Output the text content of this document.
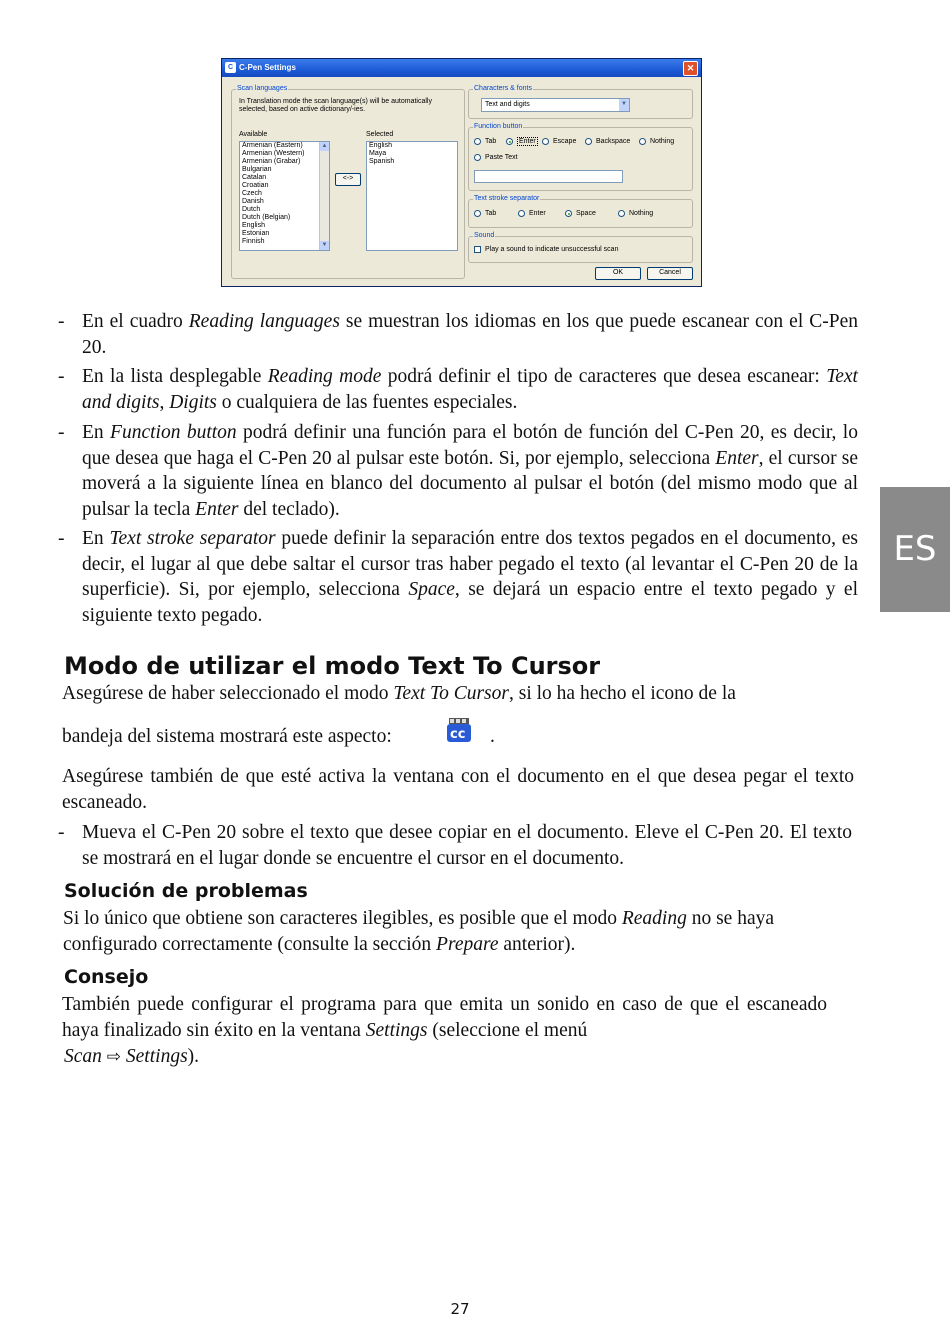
C C-Pen Settings	✕
Scan languages
In Translation mode the scan language(s) will be automatically selected, based on active dictionary/-ies.
Available	Selected
Armenian (Eastern)
Armenian (Western)
Armenian (Grabar)
Bulgarian
Catalan
Croatian
Czech
Danish
Dutch
Dutch (Belgian)
English
Estonian
Finnish
▲
▼
<->
English
Maya
Spanish
Characters & fonts
Text and digits	▼
Function button
Tab	Enter Escape	Backspace	Nothing
Paste Text
Text stroke separator
Tab	Enter	Space	Nothing
Sound
Play a sound to indicate unsuccessful scan
OK	Cancel
- En el cuadro Reading languages se muestran los idiomas en los que puede escanear con el C-Pen 20.
- En la lista desplegable Reading mode podrá definir el tipo de caracteres que desea escanear: Text and digits, Digits o cualquiera de las fuentes especiales.
- En Function button podrá definir una función para el botón de función del C-Pen 20, es decir, lo que desea que haga el C-Pen 20 al pulsar este botón. Si, por ejemplo, selecciona Enter, el cursor se moverá a la siguiente línea en blanco del documento al pulsar el botón (del mismo modo que al pulsar la tecla Enter del teclado).
- En Text stroke separator puede definir la separación entre dos textos pegados en el documento, es decir, el lugar al que debe saltar el cursor tras haber pegado el texto (al levantar el C-Pen 20 de la superficie). Si, por ejemplo, selecciona Space, se dejará un espacio entre el texto pegado y el siguiente texto pegado.
Modo de utilizar el modo Text To Cursor
Asegúrese de haber seleccionado el modo Text To Cursor, si lo ha hecho el icono de la
bandeja del sistema mostrará este aspecto:	cc .
Asegúrese también de que esté activa la ventana con el documento en el que desea pegar el texto escaneado.
- Mueva el C-Pen 20 sobre el texto que desee copiar en el documento. Eleve el C-Pen 20. El texto se mostrará en el lugar donde se encuentre el cursor en el documento.
Solución de problemas
Si lo único que obtiene son caracteres ilegibles, es posible que el modo Reading no se haya configurado correctamente (consulte la sección Prepare anterior).
Consejo
También puede configurar el programa para que emita un sonido en caso de que el escaneado haya finalizado sin éxito en la ventana Settings (seleccione el menú
Scan ⇨ Settings).
ES
27
